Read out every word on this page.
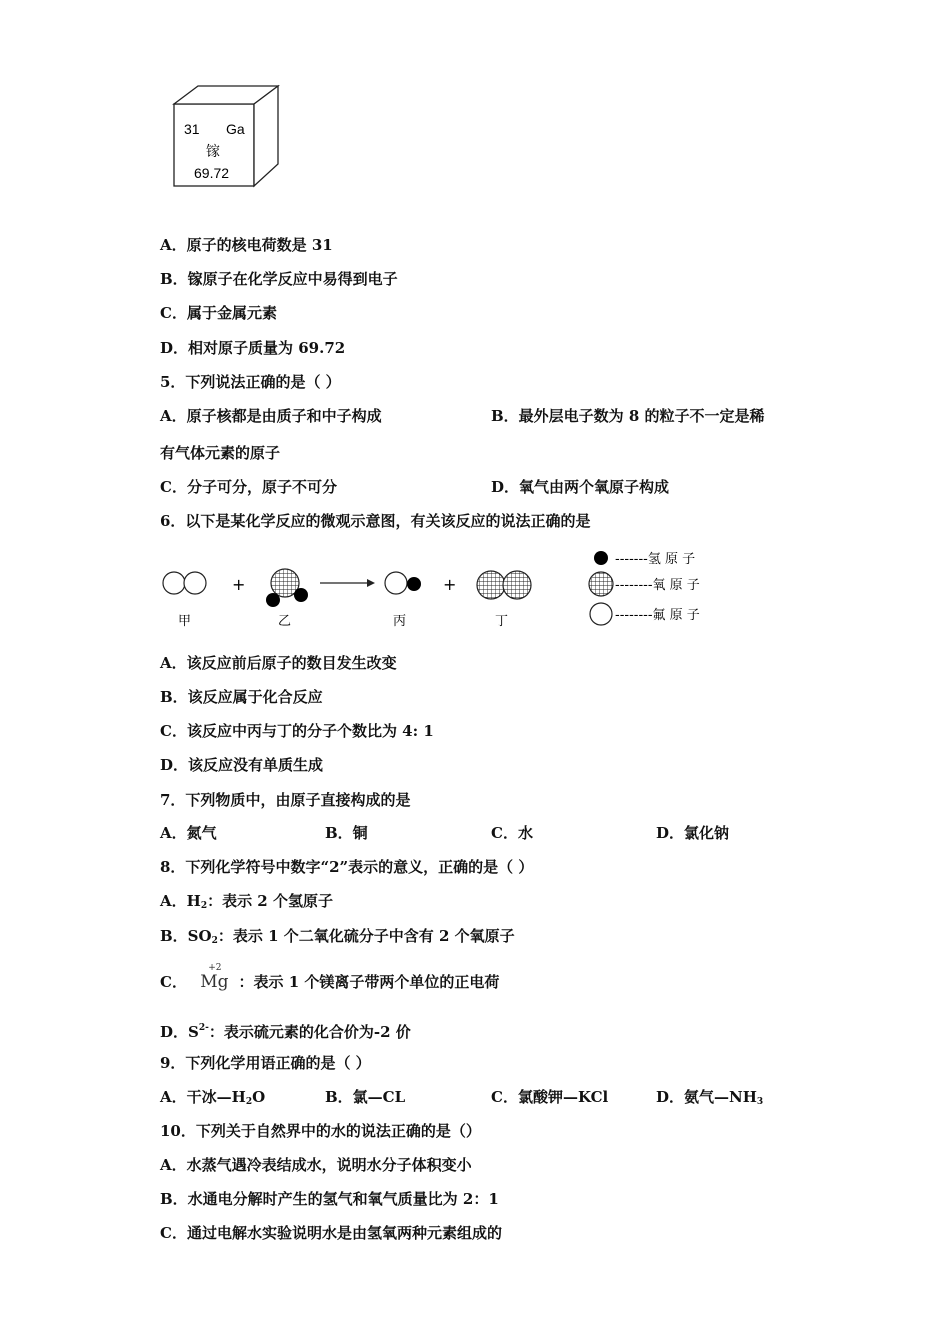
31 Ga
镓
69.72
A．原子的核电荷数是 31
B．镓原子在化学反应中易得到电子
C．属于金属元素
D．相对原子质量为 69.72
5．下列说法正确的是（ ）
A．原子核都是由质子和中子构成	B．最外层电子数为 8 的粒子不一定是稀
有气体元素的原子
C．分子可分，原子不可分	D．氧气由两个氧原子构成
6．以下是某化学反应的微观示意图，有关该反应的说法正确的是
甲
+
乙	丙
+
丁
-------氢 原 子
--------氧 原 子
--------氟 原 子
A．该反应前后原子的数目发生改变
B．该反应属于化合反应
C．该反应中丙与丁的分子个数比为 4: 1
D．该反应没有单质生成
7．下列物质中，由原子直接构成的是
A．氮气	B．铜	C．水	D．氯化钠
8．下列化学符号中数字“2”表示的意义，正确的是（ ）
A．$H_2$：表示 2 个氢原子
B．$SO_2$：表示 1 个二氧化硫分子中含有 2 个氧原子
C．
+2
Mg ：表示 1 个镁离子带两个单位的正电荷
D．$S^{2-}$：表示硫元素的化合价为-2 价
9．下列化学用语正确的是（ ）
A．干冰$—H_2O$	B．氯—CL	C．氯酸钾—KCl	D．氨气$—NH_3$
10．下列关于自然界中的水的说法正确的是（）
A．水蒸气遇冷表结成水，说明水分子体积变小
B．水通电分解时产生的氢气和氧气质量比为 2：1
C．通过电解水实验说明水是由氢氧两种元素组成的
